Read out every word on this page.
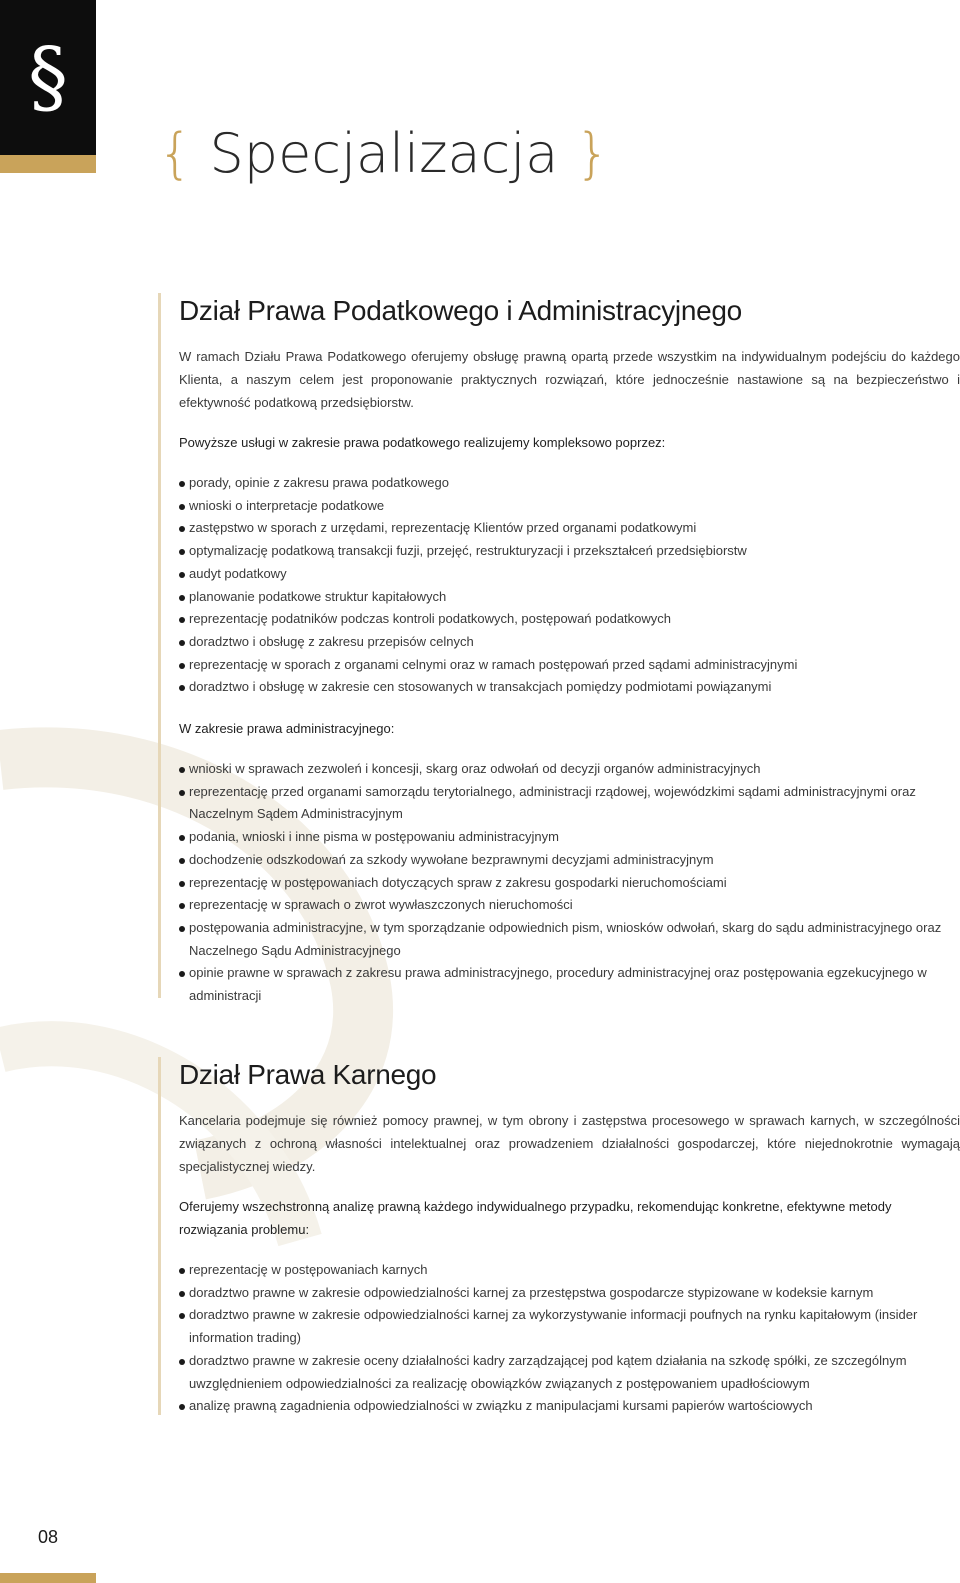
§
{ Specjalizacja }
Dział Prawa Podatkowego i Administracyjnego

W ramach Działu Prawa Podatkowego oferujemy obsługę prawną opartą przede wszystkim na indywidualnym podejściu do każdego Klienta, a naszym celem jest proponowanie praktycznych rozwiązań, które jednocześnie nastawione są na bezpieczeństwo i efektywność podatkową przedsiębiorstw.

Powyższe usługi w zakresie prawa podatkowego realizujemy kompleksowo poprzez:

porady, opinie z zakresu prawa podatkowego
wnioski o interpretacje podatkowe
zastępstwo w sporach z urzędami, reprezentację Klientów przed organami podatkowymi
optymalizację podatkową transakcji fuzji, przejęć, restrukturyzacji i przekształceń przedsiębiorstw
audyt podatkowy
planowanie podatkowe struktur kapitałowych
reprezentację podatników podczas kontroli podatkowych, postępowań podatkowych
doradztwo i obsługę z zakresu przepisów celnych
reprezentację w sporach z organami celnymi oraz w ramach postępowań przed sądami administracyjnymi
doradztwo i obsługę w zakresie cen stosowanych w transakcjach pomiędzy podmiotami powiązanymi

W zakresie prawa administracyjnego:

wnioski w sprawach zezwoleń i koncesji, skarg oraz odwołań od decyzji organów administracyjnych
reprezentację przed organami samorządu terytorialnego, administracji rządowej, wojewódzkimi sądami administracyjnymi oraz Naczelnym Sądem Administracyjnym
podania, wnioski i inne pisma w postępowaniu administracyjnym
dochodzenie odszkodowań za szkody wywołane bezprawnymi decyzjami administracyjnym
reprezentację w postępowaniach dotyczących spraw z zakresu gospodarki nieruchomościami
reprezentację w sprawach o zwrot wywłaszczonych nieruchomości
postępowania administracyjne, w tym sporządzanie odpowiednich pism, wniosków odwołań, skarg do sądu administracyjnego oraz Naczelnego Sądu Administracyjnego
opinie prawne w sprawach z zakresu prawa administracyjnego, procedury administracyjnej oraz postępowania egzekucyjnego w administracji
Dział Prawa Karnego

Kancelaria podejmuje się również pomocy prawnej, w tym obrony i zastępstwa procesowego w sprawach karnych, w szczególności związanych z ochroną własności intelektualnej oraz prowadzeniem działalności gospodarczej, które niejednokrotnie wymagają specjalistycznej wiedzy.

Oferujemy wszechstronną analizę prawną każdego indywidualnego przypadku, rekomendując konkretne, efektywne metody rozwiązania problemu:

reprezentację w postępowaniach karnych
doradztwo prawne w zakresie odpowiedzialności karnej za przestępstwa gospodarcze stypizowane w kodeksie karnym
doradztwo prawne w zakresie odpowiedzialności karnej za wykorzystywanie informacji poufnych na rynku kapitałowym (insider information trading)
doradztwo prawne w zakresie oceny działalności kadry zarządzającej pod kątem działania na szkodę spółki, ze szczególnym uwzględnieniem odpowiedzialności za realizację obowiązków związanych z postępowaniem upadłościowym
analizę prawną zagadnienia odpowiedzialności w związku z manipulacjami kursami papierów wartościowych
08
